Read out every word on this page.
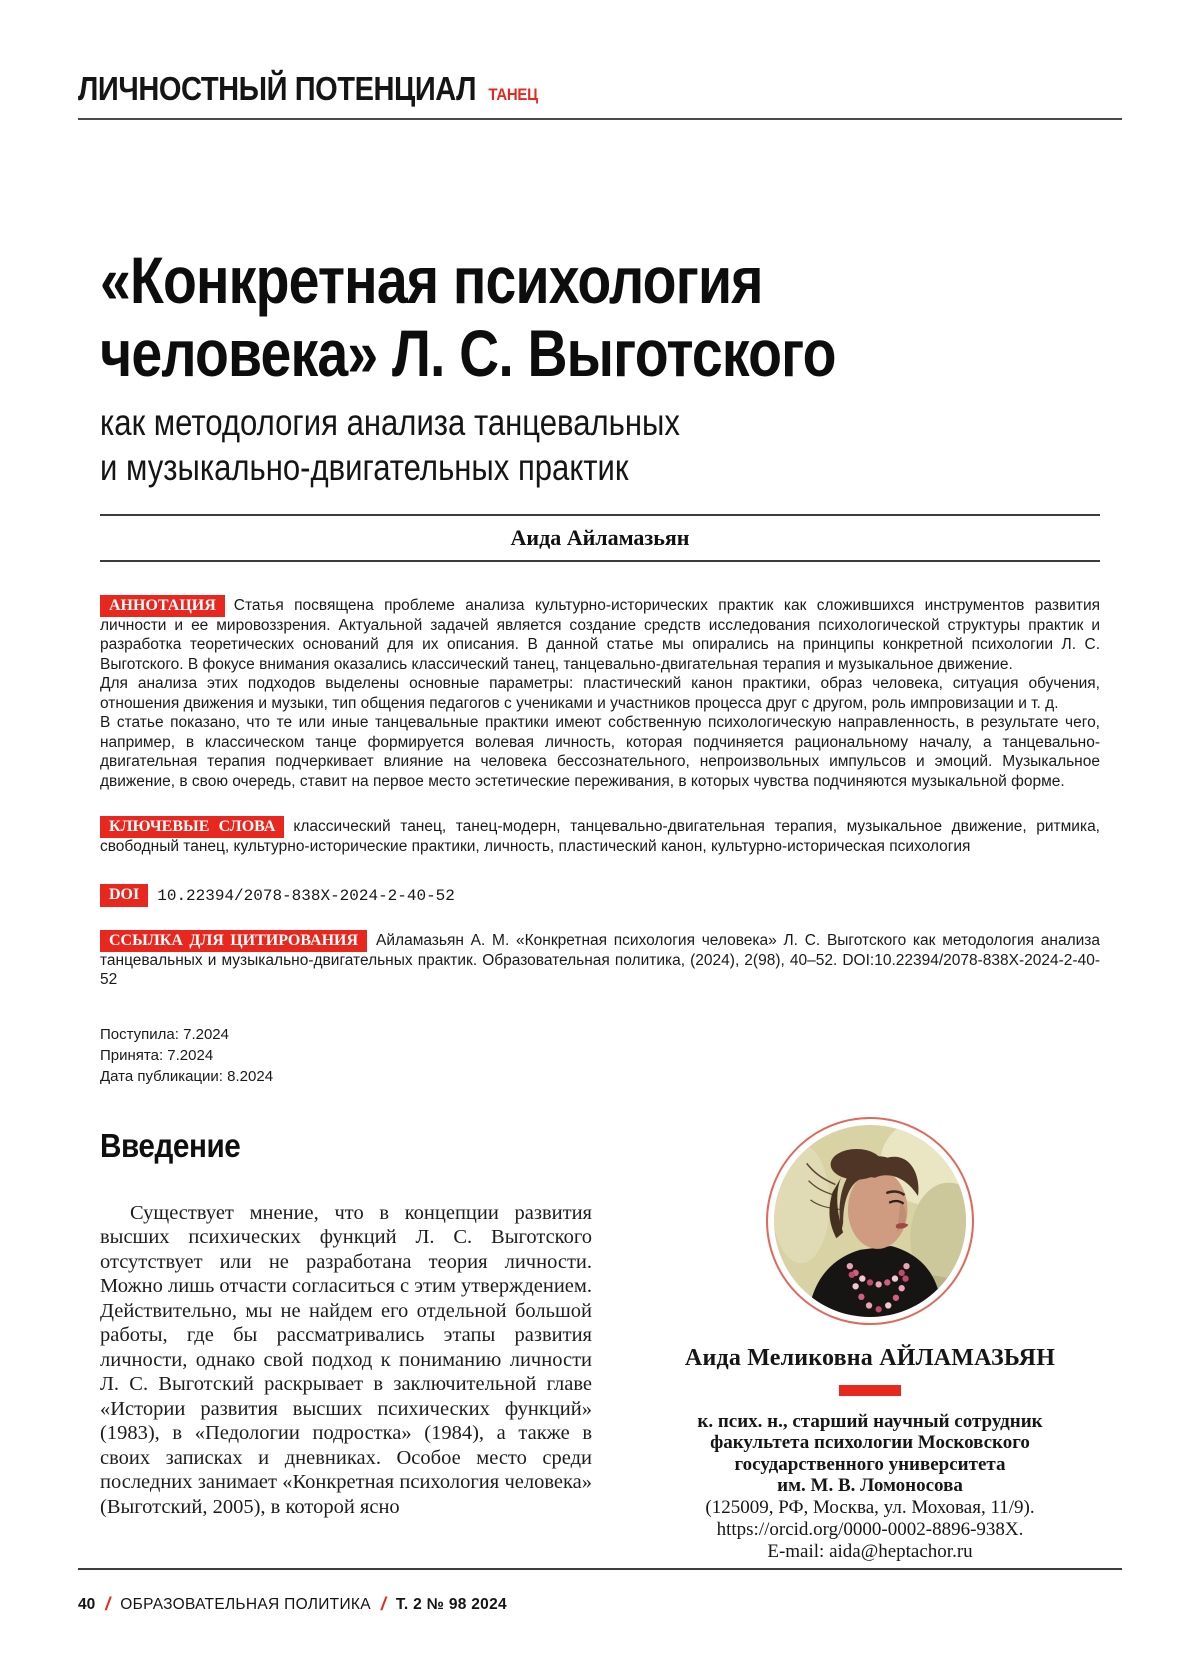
ЛИЧНОСТНЫЙ ПОТЕНЦИАЛ ТАНЕЦ
«Конкретная психология
человека» Л. С. Выготского
как методология анализа танцевальных
и музыкально-двигательных практик
Аида Айламазьян

АННОТАЦИЯ Статья посвящена проблеме анализа культурно-исторических практик как сложившихся инструментов развития личности и ее мировоззрения. Актуальной задачей является создание средств исследования психологической структуры практик и разработка теоретических оснований для их описания. В данной статье мы опирались на принципы конкретной психологии Л. С. Выготского. В фокусе внимания оказались классический танец, танцевально-двигательная терапия и музыкальное движение.

Для анализа этих подходов выделены основные параметры: пластический канон практики, образ человека, ситуация обучения, отношения движения и музыки, тип общения педагогов с учениками и участников процесса друг с другом, роль импровизации и т. д.

В статье показано, что те или иные танцевальные практики имеют собственную психологическую направленность, в результате чего, например, в классическом танце формируется волевая личность, которая подчиняется рациональному началу, а танцевально-двигательная терапия подчеркивает влияние на человека бессознательного, непроизвольных импульсов и эмоций. Музыкальное движение, в свою очередь, ставит на первое место эстетические переживания, в которых чувства подчиняются музыкальной форме.

КЛЮЧЕВЫЕ СЛОВА классический танец, танец-модерн, танцевально-двигательная терапия, музыкальное движение, ритмика, свободный танец, культурно-исторические практики, личность, пластический канон, культурно-историческая психология

DOI	10.22394/2078-838X-2024-2-40-52

ССЫЛКА ДЛЯ ЦИТИРОВАНИЯ Айламазьян А. М. «Конкретная психология человека» Л. С. Выготского как методология анализа танцевальных и музыкально-двигательных практик. Образовательная политика, (2024), 2(98), 40–52. DOI:10.22394/2078-838X-2024-2-40-52

Поступила: 7.2024
Принята: 7.2024
Дата публикации: 8.2024
Введение

Существует мнение, что в концепции развития высших психических функций Л. С. Выготского отсутствует или не разработана теория личности. Можно лишь отчасти согласиться с этим утверждением. Действительно, мы не найдем его отдельной большой работы, где бы рассматривались этапы развития личности, однако свой подход к пониманию личности Л. С. Выготский раскрывает в заключительной главе «Истории развития высших психических функций» (1983), в «Педологии подростка» (1984), а также в своих записках и дневниках. Особое место среди последних занимает «Конкретная психология человека» (Выготский, 2005), в которой ясно

Аида Меликовна АЙЛАМАЗЬЯН
к. псих. н., старший научный сотрудник
факультета психологии Московского
государственного университета
им. М. В. Ломоносова
(125009, РФ, Москва, ул. Моховая, 11/9).
https://orcid.org/0000-0002-8896-938X.
E-mail: aida@heptachor.ru
40 / ОБРАЗОВАТЕЛЬНАЯ ПОЛИТИКА / Т. 2 № 98 2024
